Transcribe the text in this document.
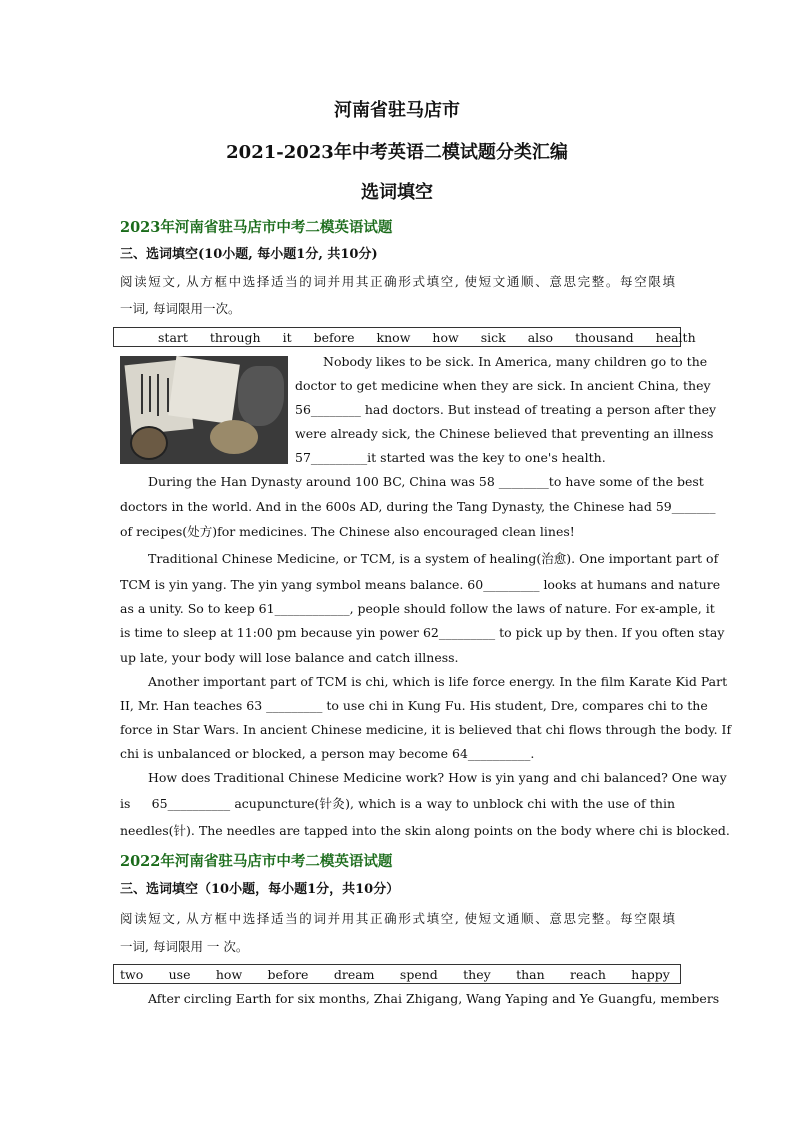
河南省驻马店市
2021-2023年中考英语二模试题分类汇编
选词填空
2023年河南省驻马店市中考二模英语试题
三、选词填空(10小题, 每小题1分, 共10分)
阅读短文, 从方框中选择适当的词并用其正确形式填空, 使短文通顺、意思完整。每空限填
一词, 每词限用一次。
start through it before know how sick also thousand health
Nobody likes to be sick. In America, many children go to the
doctor to get medicine when they are sick. In ancient China, they
56________ had doctors. But instead of treating a person after they
were already sick, the Chinese believed that preventing an illness
57_________it started was the key to one's health.
During the Han Dynasty around 100 BC, China was 58 ________to have some of the best
doctors in the world. And in the 600s AD, during the Tang Dynasty, the Chinese had 59_______
of recipes(处方)for medicines. The Chinese also encouraged clean lines!
Traditional Chinese Medicine, or TCM, is a system of healing(治愈). One important part of
TCM is yin yang. The yin yang symbol means balance. 60_________ looks at humans and nature
as a unity. So to keep 61____________, people should follow the laws of nature. For ex-ample, it
is time to sleep at 11:00 pm because yin power 62_________ to pick up by then. If you often stay
up late, your body will lose balance and catch illness.
Another important part of TCM is chi, which is life force energy. In the film Karate Kid Part
II, Mr. Han teaches 63 _________ to use chi in Kung Fu. His student, Dre, compares chi to the
force in Star Wars. In ancient Chinese medicine, it is believed that chi flows through the body. If
chi is unbalanced or blocked, a person may become 64__________.
How does Traditional Chinese Medicine work? How is yin yang and chi balanced? One way
is     65__________ acupuncture(针灸), which is a way to unblock chi with the use of thin
needles(针). The needles are tapped into the skin along points on the body where chi is blocked.
2022年河南省驻马店市中考二模英语试题
三、选词填空（10小题，每小题1分，共10分）
阅读短文, 从方框中选择适当的词并用其正确形式填空, 使短文通顺、意思完整。每空限填
一词, 每词限用 一 次。
two use how before dream spend they than reach happy
After circling Earth for six months, Zhai Zhigang, Wang Yaping and Ye Guangfu, members
